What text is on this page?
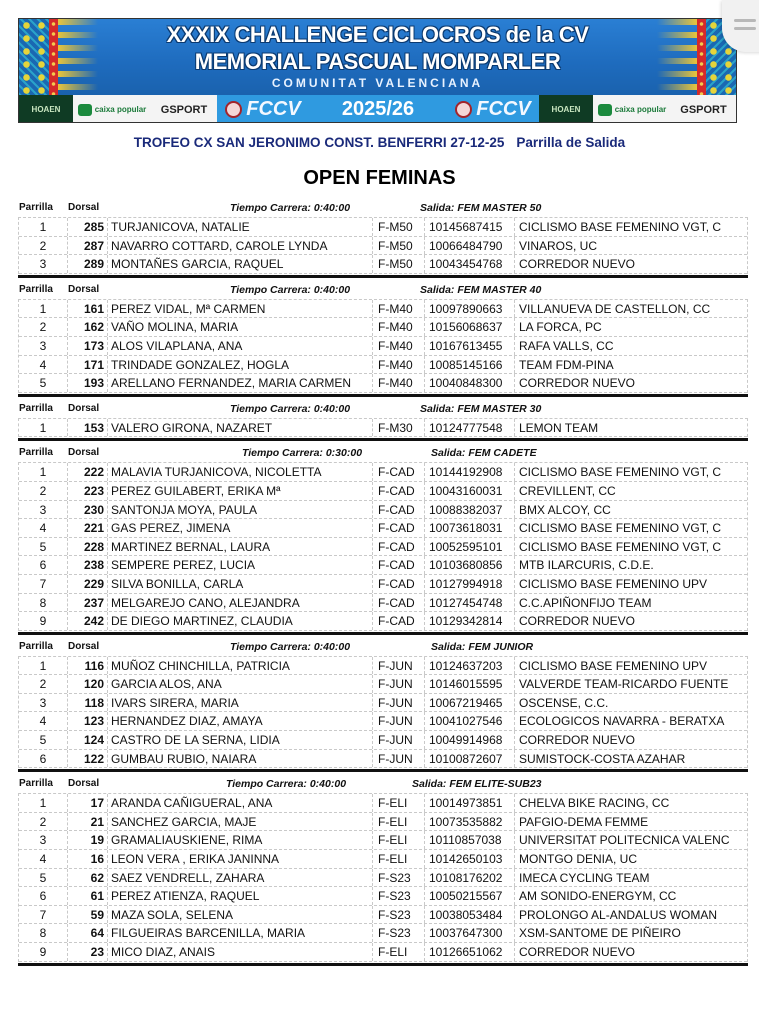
XXXIX CHALLENGE CICLOCROS de la CV
MEMORIAL PASCUAL MOMPARLER
COMUNITAT VALENCIANA
HOAEN	caixa popular	GSPORT	FCCV	2025/26	FCCV	HOAEN	caixa popular	GSPORT
TROFEO CX SAN JERONIMO CONST. BENFERRI 27-12-25 Parrilla de Salida
OPEN FEMINAS
Parrilla Dorsal	Tiempo Carrera: 0:40:00	Salida: FEM MASTER 50
1	285 TURJANICOVA, NATALIE	F-M50	10145687415	CICLISMO BASE FEMENINO VGT, C
2	287 NAVARRO COTTARD, CAROLE LYNDA	F-M50	10066484790	VINAROS, UC
3	289 MONTAÑES GARCIA, RAQUEL	F-M50	10043454768	CORREDOR NUEVO
Parrilla Dorsal	Tiempo Carrera: 0:40:00	Salida: FEM MASTER 40
1	161 PEREZ VIDAL, Mª CARMEN	F-M40	10097890663	VILLANUEVA DE CASTELLON, CC
2	162 VAÑO MOLINA, MARIA	F-M40	10156068637	LA FORCA, PC
3	173 ALOS VILAPLANA, ANA	F-M40	10167613455	RAFA VALLS, CC
4	171 TRINDADE GONZALEZ, HOGLA	F-M40	10085145166	TEAM FDM-PINA
5	193 ARELLANO FERNANDEZ, MARIA CARMEN	F-M40	10040848300	CORREDOR NUEVO
Parrilla Dorsal	Tiempo Carrera: 0:40:00	Salida: FEM MASTER 30
1	153 VALERO GIRONA, NAZARET	F-M30	10124777548	LEMON TEAM
Parrilla Dorsal	Tiempo Carrera: 0:30:00	Salida: FEM CADETE
1	222 MALAVIA TURJANICOVA, NICOLETTA	F-CAD	10144192908	CICLISMO BASE FEMENINO VGT, C
2	223 PEREZ GUILABERT, ERIKA Mª	F-CAD	10043160031	CREVILLENT, CC
3	230 SANTONJA MOYA, PAULA	F-CAD	10088382037	BMX ALCOY, CC
4	221 GAS PEREZ, JIMENA	F-CAD	10073618031	CICLISMO BASE FEMENINO VGT, C
5	228 MARTINEZ BERNAL, LAURA	F-CAD	10052595101	CICLISMO BASE FEMENINO VGT, C
6	238 SEMPERE PEREZ, LUCIA	F-CAD	10103680856	MTB ILARCURIS, C.D.E.
7	229 SILVA BONILLA, CARLA	F-CAD	10127994918	CICLISMO BASE FEMENINO UPV
8	237 MELGAREJO CANO, ALEJANDRA	F-CAD	10127454748	C.C.APIÑONFIJO TEAM
9	242 DE DIEGO MARTINEZ, CLAUDIA	F-CAD	10129342814	CORREDOR NUEVO
Parrilla Dorsal	Tiempo Carrera: 0:40:00	Salida: FEM JUNIOR
1	116 MUÑOZ CHINCHILLA, PATRICIA	F-JUN	10124637203	CICLISMO BASE FEMENINO UPV
2	120 GARCIA ALOS, ANA	F-JUN	10146015595	VALVERDE TEAM-RICARDO FUENTE
3	118 IVARS SIRERA, MARIA	F-JUN	10067219465	OSCENSE, C.C.
4	123 HERNANDEZ DIAZ, AMAYA	F-JUN	10041027546	ECOLOGICOS NAVARRA - BERATXA
5	124 CASTRO DE LA SERNA, LIDIA	F-JUN	10049914968	CORREDOR NUEVO
6	122 GUMBAU RUBIO, NAIARA	F-JUN	10100872607	SUMISTOCK-COSTA AZAHAR
Parrilla Dorsal	Tiempo Carrera: 0:40:00	Salida: FEM ELITE-SUB23
1	17 ARANDA CAÑIGUERAL, ANA	F-ELI	10014973851	CHELVA BIKE RACING, CC
2	21 SANCHEZ GARCIA, MAJE	F-ELI	10073535882	PAFGIO-DEMA FEMME
3	19 GRAMALIAUSKIENE, RIMA	F-ELI	10110857038	UNIVERSITAT POLITECNICA VALENC
4	16 LEON VERA , ERIKA JANINNA	F-ELI	10142650103	MONTGO DENIA, UC
5	62 SAEZ VENDRELL, ZAHARA	F-S23	10108176202	IMECA CYCLING TEAM
6	61 PEREZ ATIENZA, RAQUEL	F-S23	10050215567	AM SONIDO-ENERGYM, CC
7	59 MAZA SOLA, SELENA	F-S23	10038053484	PROLONGO AL-ANDALUS WOMAN
8	64 FILGUEIRAS BARCENILLA, MARIA	F-S23	10037647300	XSM-SANTOME DE PIÑEIRO
9	23 MICO DIAZ, ANAIS	F-ELI	10126651062	CORREDOR NUEVO
